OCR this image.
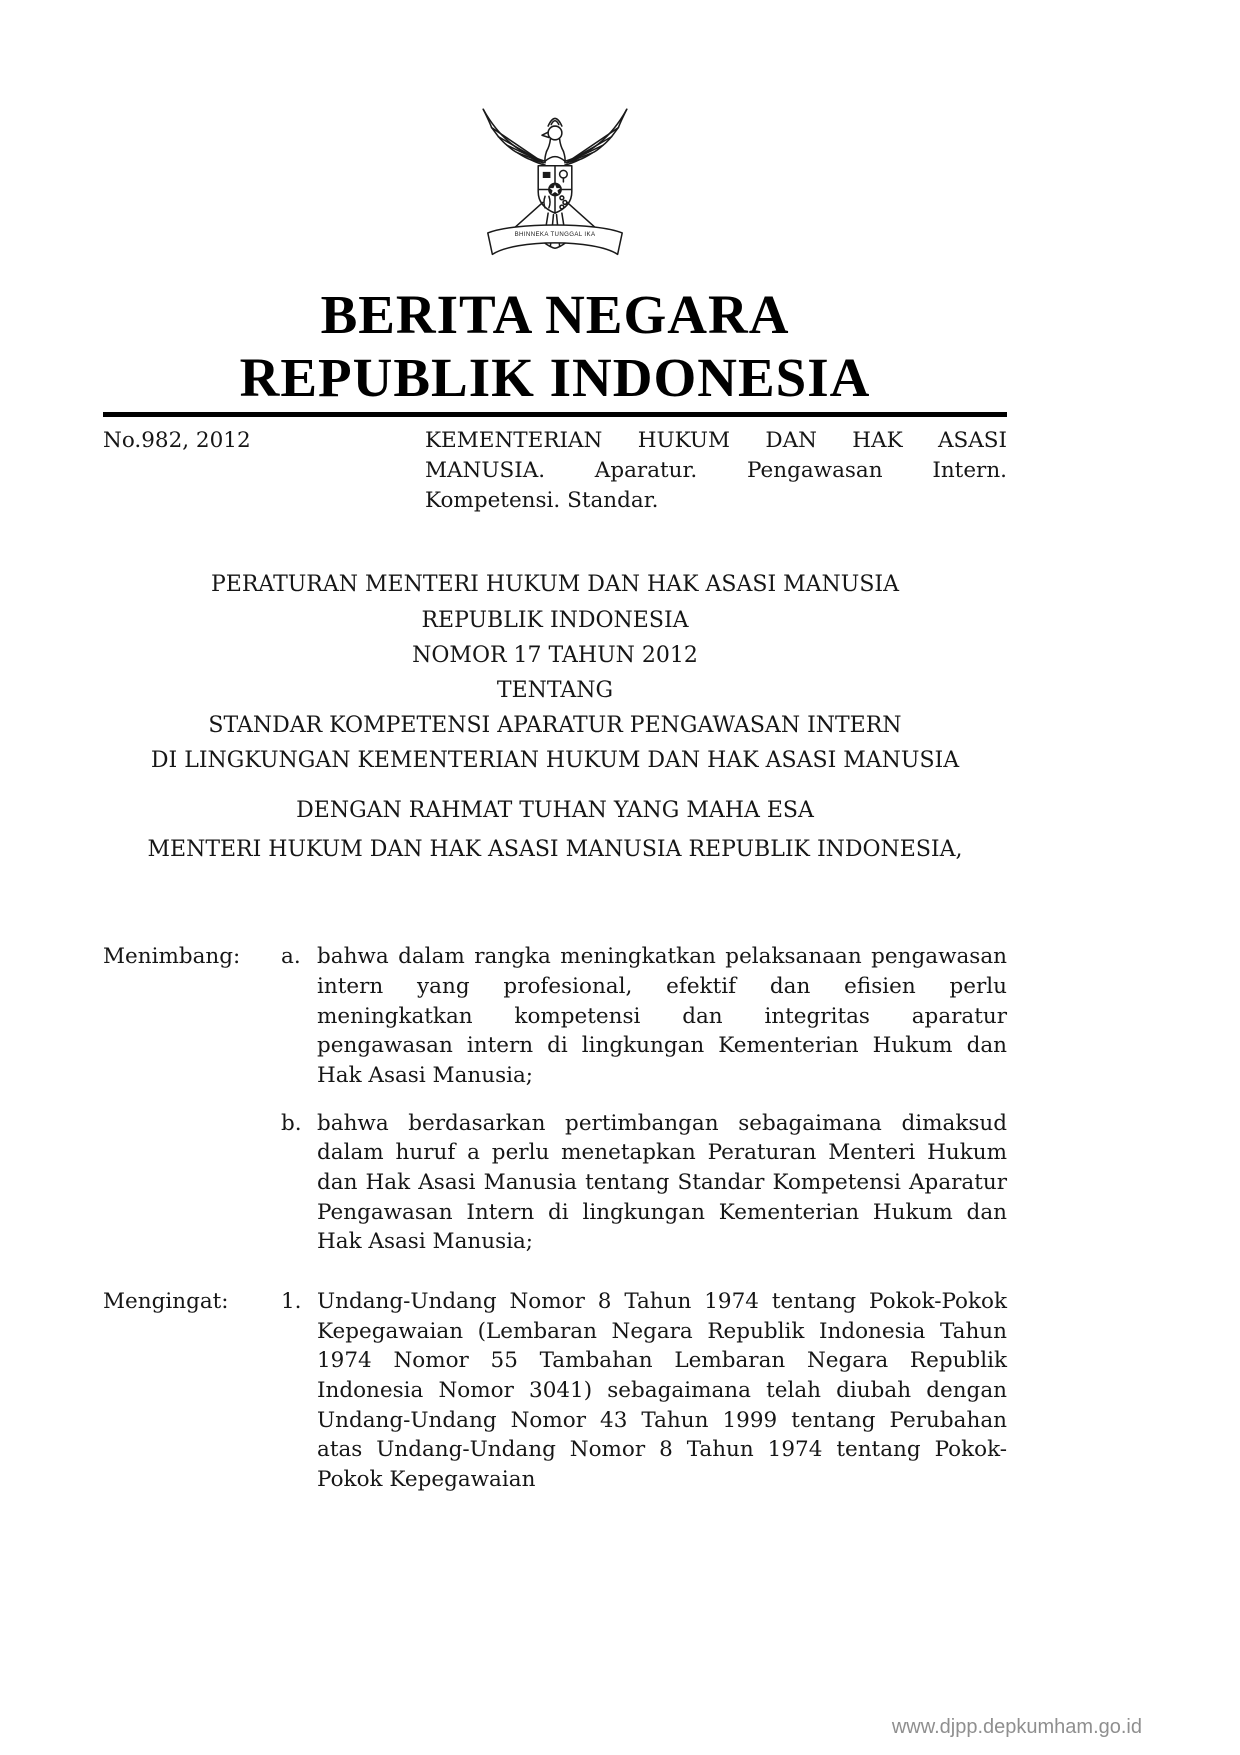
BHINNEKA TUNGGAL IKA
BERITA NEGARA
REPUBLIK INDONESIA
No.982, 2012	KEMENTERIAN HUKUM DAN HAK ASASI MANUSIA. Aparatur. Pengawasan Intern. Kompetensi. Standar.
PERATURAN MENTERI HUKUM DAN HAK ASASI MANUSIA
REPUBLIK INDONESIA
NOMOR 17 TAHUN 2012
TENTANG
STANDAR KOMPETENSI APARATUR PENGAWASAN INTERN
DI LINGKUNGAN KEMENTERIAN HUKUM DAN HAK ASASI MANUSIA
DENGAN RAHMAT TUHAN YANG MAHA ESA
MENTERI HUKUM DAN HAK ASASI MANUSIA REPUBLIK INDONESIA,
Menimbang:	a. bahwa dalam rangka meningkatkan pelaksanaan pengawasan intern yang profesional, efektif dan efisien perlu meningkatkan kompetensi dan integritas aparatur pengawasan intern di lingkungan Kementerian Hukum dan Hak Asasi Manusia;
b. bahwa berdasarkan pertimbangan sebagaimana dimaksud dalam huruf a perlu menetapkan Peraturan Menteri Hukum dan Hak Asasi Manusia tentang Standar Kompetensi Aparatur Pengawasan Intern di lingkungan Kementerian Hukum dan Hak Asasi Manusia;
Mengingat:	1. Undang-Undang Nomor 8 Tahun 1974 tentang Pokok-Pokok Kepegawaian (Lembaran Negara Republik Indonesia Tahun 1974 Nomor 55 Tambahan Lembaran Negara Republik Indonesia Nomor 3041) sebagaimana telah diubah dengan Undang-Undang Nomor 43 Tahun 1999 tentang Perubahan atas Undang-Undang Nomor 8 Tahun 1974 tentang Pokok-Pokok Kepegawaian
www.djpp.depkumham.go.id
